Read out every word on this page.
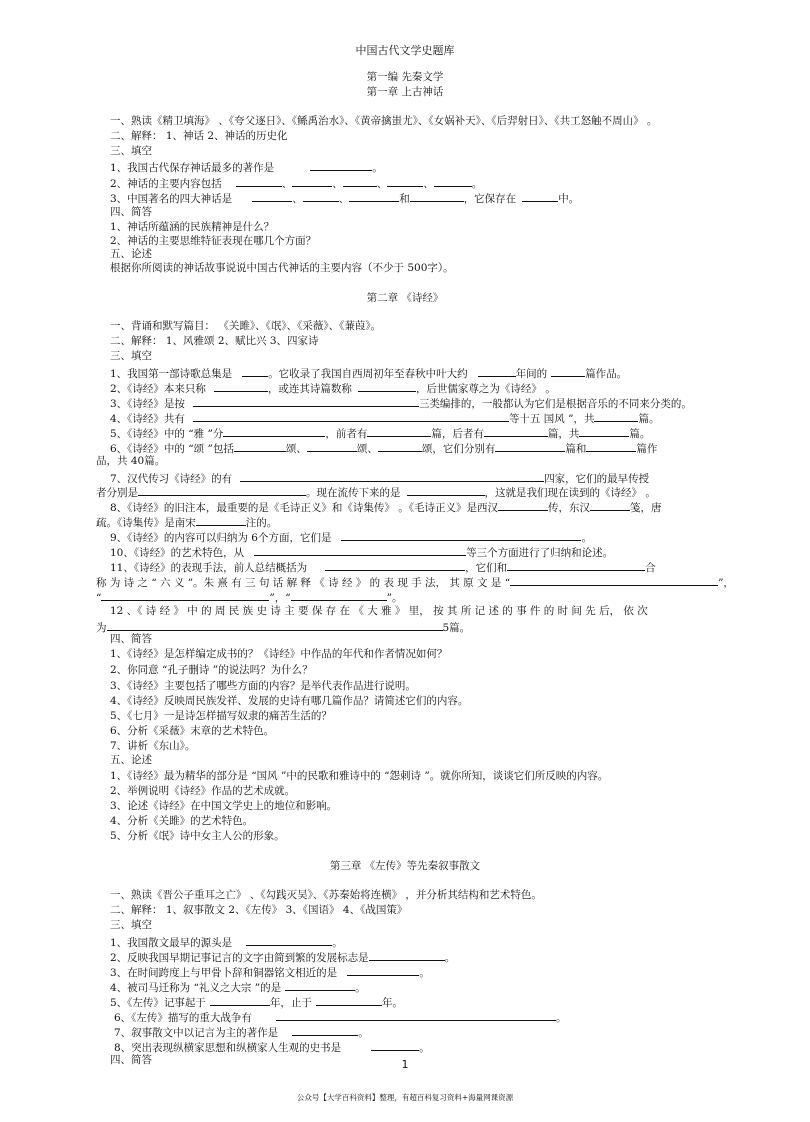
中国古代文学史题库
第一编 先秦文学
第一章 上古神话
一、熟读《精卫填海》 、《夸父逐日》、《鲧禹治水》、《黄帝擒蚩尤》、《女娲补天》、《后羿射日》、《共工怒触不周山》 。
二、解释： 1、神话 2、神话的历史化
三、填空
1、我国古代保存神话最多的著作是	。
2、神话的主要内容包括	、	、	、	、	。
3、中国著名的四大神话是	、	、	和	，它保存在	中。
四、简答
1、神话所蕴涵的民族精神是什么？
2、神话的主要思维特征表现在哪几个方面？
五、论述
根据你所阅读的神话故事说说中国古代神话的主要内容（不少于 500字）。
第二章 《诗经》
一、背诵和默写篇目： 《关雎》、《氓》、《采薇》、《蒹葭》。
二、解释： 1、风雅颂 2、赋比兴 3、四家诗
三、填空
1、我国第一部诗歌总集是	。它收录了我国自西周初年至春秋中叶大约	年间的	篇作品。
2、《诗经》本来只称	，或连其诗篇数称	，后世儒家尊之为《诗经》 。
3、《诗经》是按	三类编排的，一般都认为它们是根据音乐的不同来分类的。
4、《诗经》共有	等十五 国风 ”，共	篇。
5、《诗经》中的 “雅 ”分	，前者有	篇，后者有	篇，共	篇。
6、《诗经》中的 “颂 ”包括	颂、	颂、	颂，它们分别有	篇和	篇作
品，共 40篇。
7、汉代传习《诗经》的有	四家，它们的最早传授
者分别是	。现在流传下来的是	，这就是我们现在读到的《诗经》 。
8、《诗经》的旧注本，最重要的是《毛诗正义》和《诗集传》 。《毛诗正义》是西汉	传，东汉	笺，唐
疏。《诗集传》是南宋	注的。
9、《诗经》的内容可以归纳为 6个方面，它们是	。
10、《诗经》的艺术特色，从	等三个方面进行了归纳和论述。
11、《诗经》的表现手法，前人总结概括为	，它们和	合
称 为 诗 之 “ 六 义 ”。朱 熹 有 三 句 话 解 释 《 诗 经 》 的 表 现 手 法， 其 原 文 是 “	”，
“	”，“	”。
12 、《 诗 经 》 中 的 周 民 族 史 诗 主 要 保 存 在 《 大 雅 》 里， 按 其 所 记 述 的 事 件 的 时 间 先 后， 依 次
为	5篇。
四、简答
1、《诗经》是怎样编定成书的？《诗经》中作品的年代和作者情况如何？
2、你同意 “孔子删诗 ”的说法吗？为什么？
3、《诗经》主要包括了哪些方面的内容？是举代表作品进行说明。
4、《诗经》反映周民族发祥、发展的史诗有哪几篇作品？请简述它们的内容。
5、《七月》一是诗怎样描写奴隶的痛苦生活的？
6、分析《采薇》末章的艺术特色。
7、讲析《东山》。
五、论述
1、《诗经》最为精华的部分是 “国风 ”中的民歌和雅诗中的 “怨刺诗 ”。就你所知，谈谈它们所反映的内容。
2、举例说明《诗经》作品的艺术成就。
3、论述《诗经》在中国文学史上的地位和影响。
4、分析《关雎》的艺术特色。
5、分析《氓》诗中女主人公的形象。
第三章 《左传》等先秦叙事散文
一、熟读《晋公子重耳之亡》 、《勾践灭吴》、《苏秦始将连横》 ，并分析其结构和艺术特色。
二、解释： 1、叙事散文 2、《左传》 3、《国语》 4、《战国策》
三、填空
1、我国散文最早的源头是	。
2、反映我国早期记事记言的文字由简到繁的发展标志是	。
3、在时间跨度上与甲骨卜辞和铜器铭文相近的是	。
4、被司马迁称为 “礼义之大宗 ”的是	。
5、《左传》记事起于	年，止于	年。
6、《左传》描写的重大战争有	。
7、叙事散文中以记言为主的著作是	。
8、突出表现纵横家思想和纵横家人生观的史书是	。
1
四、简答
公众号【大学百科资料】整理，有超百科复习资料+海量网课资源
